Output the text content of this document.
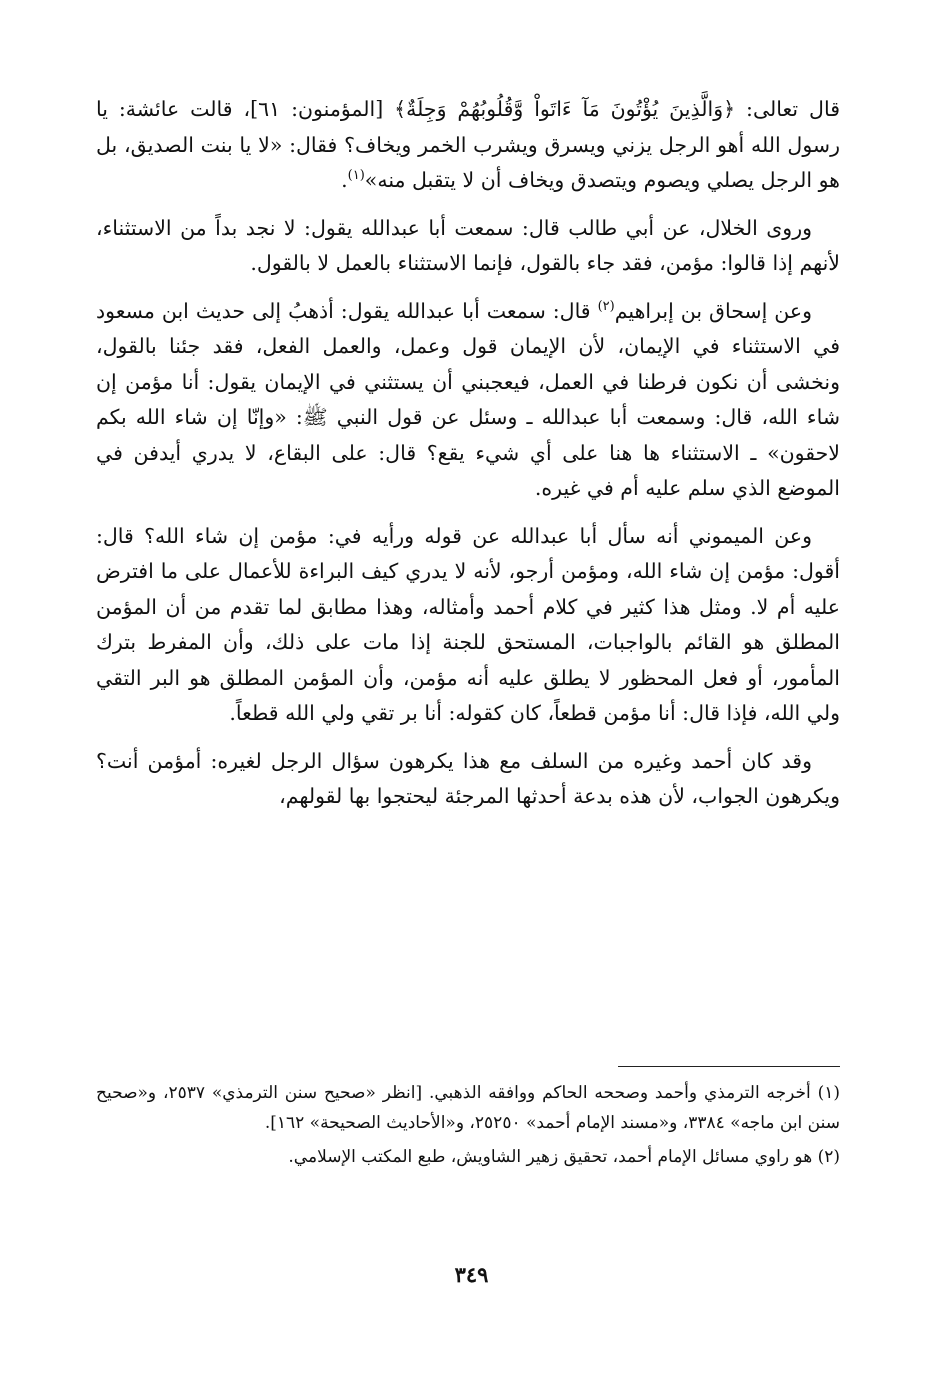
قال تعالى: ﴿وَالَّذِينَ يُؤْتُونَ مَآ ءَاتَواْ وَّقُلُوبُهُمْ وَجِلَةٌ﴾ [المؤمنون: ٦١]، قالت عائشة: يا رسول الله أهو الرجل يزني ويسرق ويشرب الخمر ويخاف؟ فقال: «لا يا بنت الصديق، بل هو الرجل يصلي ويصوم ويتصدق ويخاف أن لا يتقبل منه»$^{(١)}$.

وروى الخلال، عن أبي طالب قال: سمعت أبا عبدالله يقول: لا نجد بداً من الاستثناء، لأنهم إذا قالوا: مؤمن، فقد جاء بالقول، فإنما الاستثناء بالعمل لا بالقول.

وعن إسحاق بن إبراهيم$^{(٢)}$ قال: سمعت أبا عبدالله يقول: أذهبُ إلى حديث ابن مسعود في الاستثناء في الإيمان، لأن الإيمان قول وعمل، والعمل الفعل، فقد جئنا بالقول، ونخشى أن نكون فرطنا في العمل، فيعجبني أن يستثني في الإيمان يقول: أنا مؤمن إن شاء الله، قال: وسمعت أبا عبدالله ـ وسئل عن قول النبي ﷺ: «وإنّا إن شاء الله بكم لاحقون» ـ الاستثناء ها هنا على أي شيء يقع؟ قال: على البقاع، لا يدري أيدفن في الموضع الذي سلم عليه أم في غيره.

وعن الميموني أنه سأل أبا عبدالله عن قوله ورأيه في: مؤمن إن شاء الله؟ قال: أقول: مؤمن إن شاء الله، ومؤمن أرجو، لأنه لا يدري كيف البراءة للأعمال على ما افترض عليه أم لا. ومثل هذا كثير في كلام أحمد وأمثاله، وهذا مطابق لما تقدم من أن المؤمن المطلق هو القائم بالواجبات، المستحق للجنة إذا مات على ذلك، وأن المفرط بترك المأمور، أو فعل المحظور لا يطلق عليه أنه مؤمن، وأن المؤمن المطلق هو البر التقي ولي الله، فإذا قال: أنا مؤمن قطعاً، كان كقوله: أنا بر تقي ولي الله قطعاً.

وقد كان أحمد وغيره من السلف مع هذا يكرهون سؤال الرجل لغيره: أمؤمن أنت؟ ويكرهون الجواب، لأن هذه بدعة أحدثها المرجئة ليحتجوا بها لقولهم،

(١) أخرجه الترمذي وأحمد وصححه الحاكم ووافقه الذهبي. [انظر «صحيح سنن الترمذي» ٢٥٣٧، و«صحيح سنن ابن ماجه» ٣٣٨٤، و«مسند الإمام أحمد» ٢٥٢٥٠، و«الأحاديث الصحيحة» ١٦٢].

(٢) هو راوي مسائل الإمام أحمد، تحقيق زهير الشاويش، طبع المكتب الإسلامي.

٣٤٩
